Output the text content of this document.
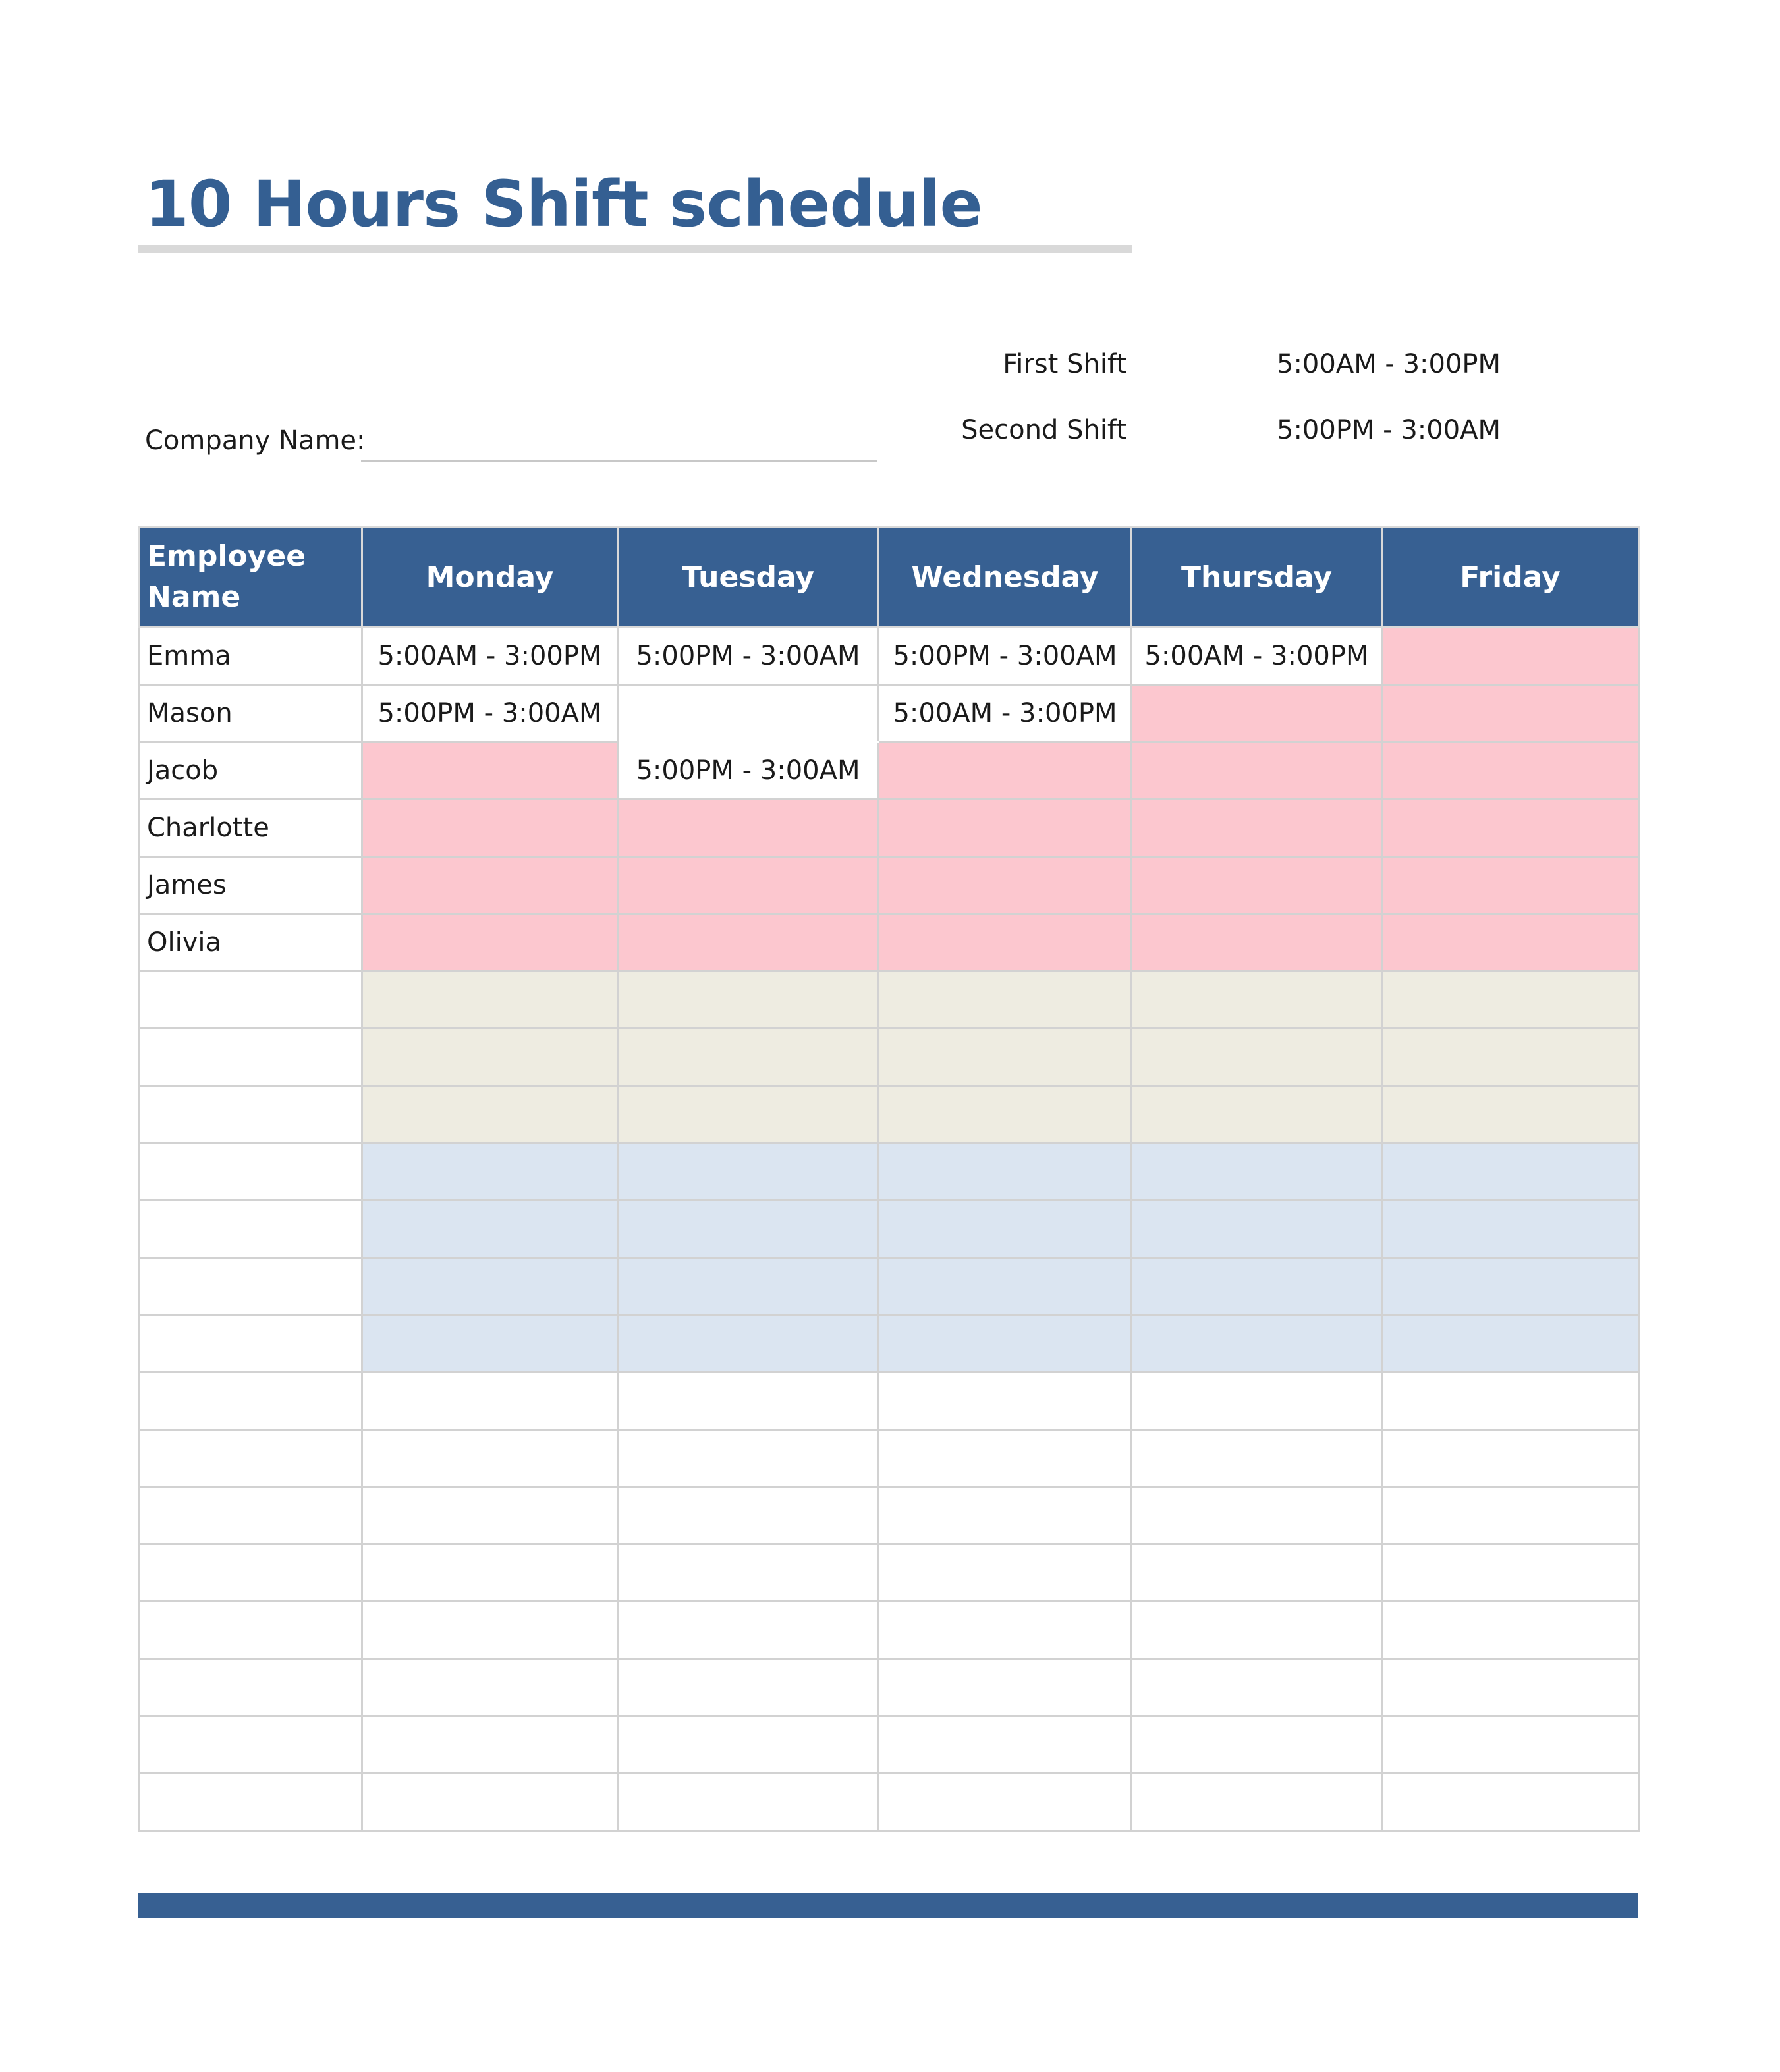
10 Hours Shift schedule
First Shift	5:00AM - 3:00PM
Second Shift	5:00PM - 3:00AM
Company Name:
Employee Name	Monday	Tuesday	Wednesday	Thursday	Friday
Emma	5:00AM - 3:00PM	5:00PM - 3:00AM	5:00PM - 3:00AM	5:00AM - 3:00PM	
Mason	5:00PM - 3:00AM		5:00AM - 3:00PM		
Jacob		5:00PM - 3:00AM			
Charlotte					
James					
Olivia					
